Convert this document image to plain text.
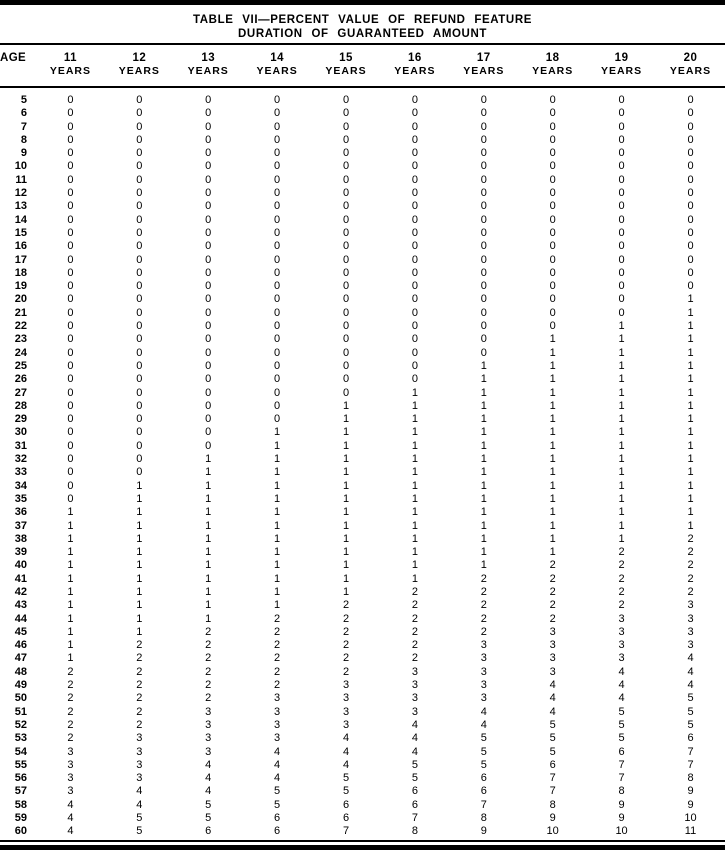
TABLE VII—PERCENT VALUE OF REFUND FEATURE
DURATION OF GUARANTEED AMOUNT
AGE	11	12	13	14	15	16	17	18	19	20
	YEARS	YEARS	YEARS	YEARS	YEARS	YEARS	YEARS	YEARS	YEARS	YEARS
5	0	0	0	0	0	0	0	0	0	0
6	0	0	0	0	0	0	0	0	0	0
7	0	0	0	0	0	0	0	0	0	0
8	0	0	0	0	0	0	0	0	0	0
9	0	0	0	0	0	0	0	0	0	0
10	0	0	0	0	0	0	0	0	0	0
11	0	0	0	0	0	0	0	0	0	0
12	0	0	0	0	0	0	0	0	0	0
13	0	0	0	0	0	0	0	0	0	0
14	0	0	0	0	0	0	0	0	0	0
15	0	0	0	0	0	0	0	0	0	0
16	0	0	0	0	0	0	0	0	0	0
17	0	0	0	0	0	0	0	0	0	0
18	0	0	0	0	0	0	0	0	0	0
19	0	0	0	0	0	0	0	0	0	0
20	0	0	0	0	0	0	0	0	0	1
21	0	0	0	0	0	0	0	0	0	1
22	0	0	0	0	0	0	0	0	1	1
23	0	0	0	0	0	0	0	1	1	1
24	0	0	0	0	0	0	0	1	1	1
25	0	0	0	0	0	0	1	1	1	1
26	0	0	0	0	0	0	1	1	1	1
27	0	0	0	0	0	1	1	1	1	1
28	0	0	0	0	1	1	1	1	1	1
29	0	0	0	0	1	1	1	1	1	1
30	0	0	0	1	1	1	1	1	1	1
31	0	0	0	1	1	1	1	1	1	1
32	0	0	1	1	1	1	1	1	1	1
33	0	0	1	1	1	1	1	1	1	1
34	0	1	1	1	1	1	1	1	1	1
35	0	1	1	1	1	1	1	1	1	1
36	1	1	1	1	1	1	1	1	1	1
37	1	1	1	1	1	1	1	1	1	1
38	1	1	1	1	1	1	1	1	1	2
39	1	1	1	1	1	1	1	1	2	2
40	1	1	1	1	1	1	1	2	2	2
41	1	1	1	1	1	1	2	2	2	2
42	1	1	1	1	1	2	2	2	2	2
43	1	1	1	1	2	2	2	2	2	3
44	1	1	1	2	2	2	2	2	3	3
45	1	1	2	2	2	2	2	3	3	3
46	1	2	2	2	2	2	3	3	3	3
47	1	2	2	2	2	2	3	3	3	4
48	2	2	2	2	2	3	3	3	4	4
49	2	2	2	2	3	3	3	4	4	4
50	2	2	2	3	3	3	3	4	4	5
51	2	2	3	3	3	3	4	4	5	5
52	2	2	3	3	3	4	4	5	5	5
53	2	3	3	3	4	4	5	5	5	6
54	3	3	3	4	4	4	5	5	6	7
55	3	3	4	4	4	5	5	6	7	7
56	3	3	4	4	5	5	6	7	7	8
57	3	4	4	5	5	6	6	7	8	9
58	4	4	5	5	6	6	7	8	9	9
59	4	5	5	6	6	7	8	9	9	10
60	4	5	6	6	7	8	9	10	10	11
